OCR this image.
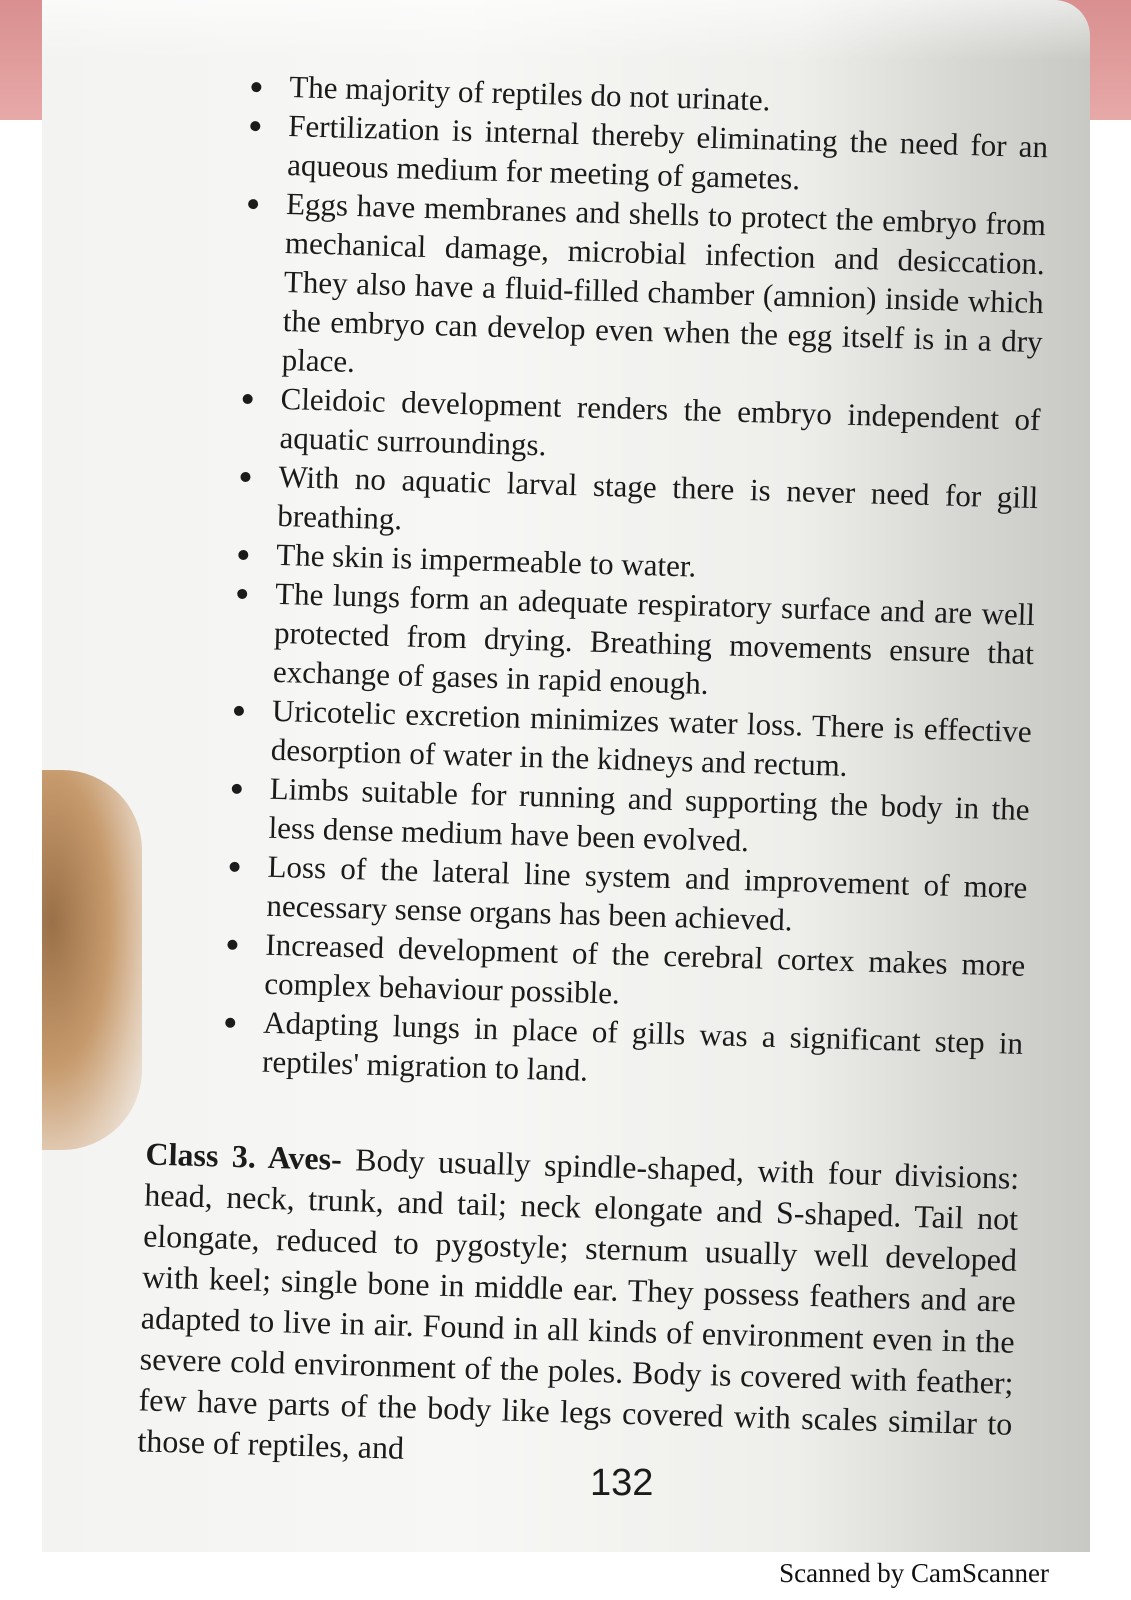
The majority of reptiles do not urinate.
Fertilization is internal thereby eliminating the need for an aqueous medium for meeting of gametes.
Eggs have membranes and shells to protect the embryo from mechanical damage, microbial infection and desiccation. They also have a fluid-filled chamber (amnion) inside which the embryo can develop even when the egg itself is in a dry place.
Cleidoic development renders the embryo independent of aquatic surroundings.
With no aquatic larval stage there is never need for gill breathing.
The skin is impermeable to water.
The lungs form an adequate respiratory surface and are well protected from drying. Breathing movements ensure that exchange of gases in rapid enough.
Uricotelic excretion minimizes water loss. There is effective desorption of water in the kidneys and rectum.
Limbs suitable for running and supporting the body in the less dense medium have been evolved.
Loss of the lateral line system and improvement of more necessary sense organs has been achieved.
Increased development of the cerebral cortex makes more complex behaviour possible.
Adapting lungs in place of gills was a significant step in reptiles' migration to land.

Class 3. Aves- Body usually spindle-shaped, with four divisions: head, neck, trunk, and tail; neck elongate and S-shaped. Tail not elongate, reduced to pygostyle; sternum usually well developed with keel; single bone in middle ear. They possess feathers and are adapted to live in air. Found in all kinds of environment even in the severe cold environment of the poles. Body is covered with feather; few have parts of the body like legs covered with scales similar to those of reptiles, and

132
Scanned by CamScanner
